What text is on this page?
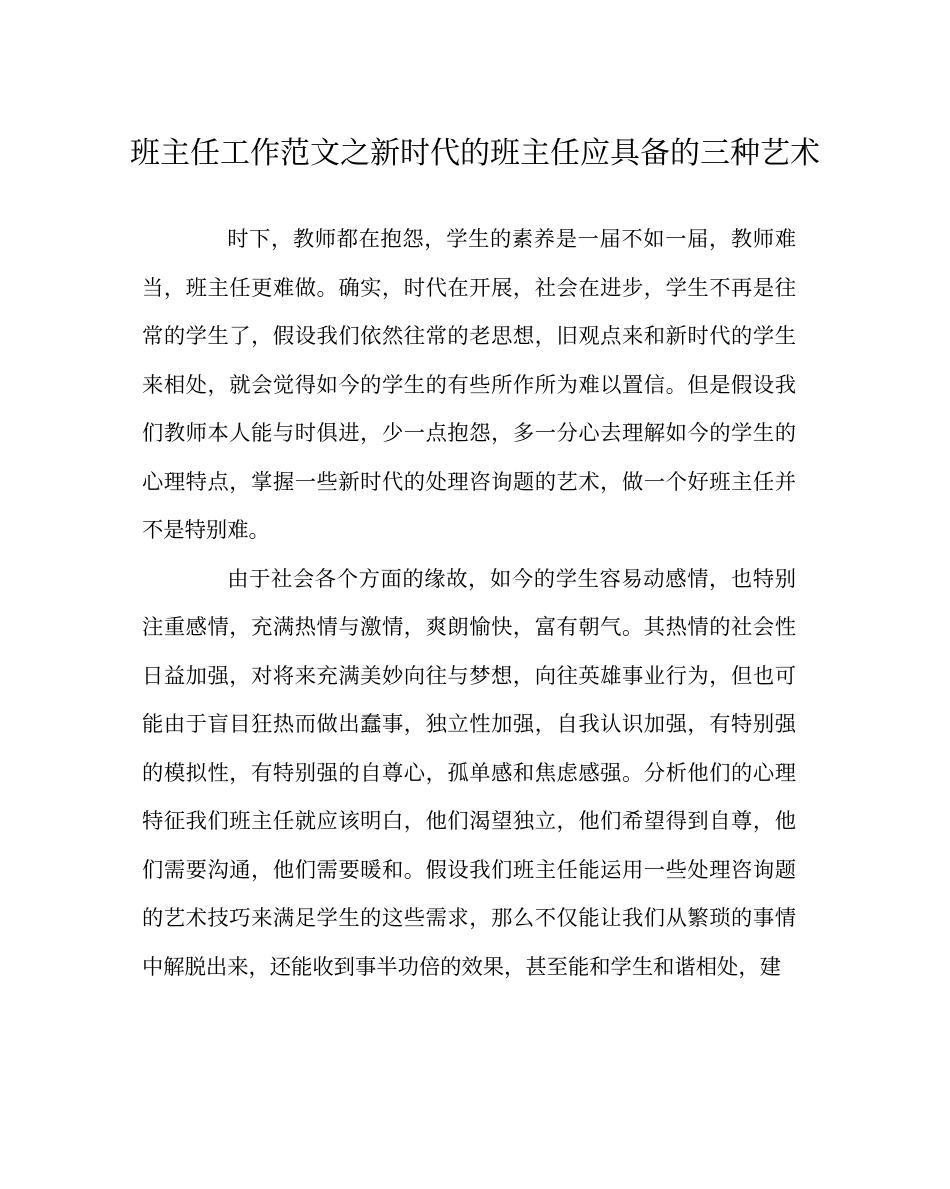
班主任工作范文之新时代的班主任应具备的三种艺术

时下，教师都在抱怨，学生的素养是一届不如一届，教师难当，班主任更难做。确实，时代在开展，社会在进步，学生不再是往常的学生了，假设我们依然往常的老思想，旧观点来和新时代的学生来相处，就会觉得如今的学生的有些所作所为难以置信。但是假设我们教师本人能与时俱进，少一点抱怨，多一分心去理解如今的学生的心理特点，掌握一些新时代的处理咨询题的艺术，做一个好班主任并不是特别难。

由于社会各个方面的缘故，如今的学生容易动感情，也特别注重感情，充满热情与激情，爽朗愉快，富有朝气。其热情的社会性日益加强，对将来充满美妙向往与梦想，向往英雄事业行为，但也可能由于盲目狂热而做出蠢事，独立性加强，自我认识加强，有特别强的模拟性，有特别强的自尊心，孤单感和焦虑感强。分析他们的心理特征我们班主任就应该明白，他们渴望独立，他们希望得到自尊，他们需要沟通，他们需要暖和。假设我们班主任能运用一些处理咨询题的艺术技巧来满足学生的这些需求，那么不仅能让我们从繁琐的事情中解脱出来，还能收到事半功倍的效果，甚至能和学生和谐相处，建
